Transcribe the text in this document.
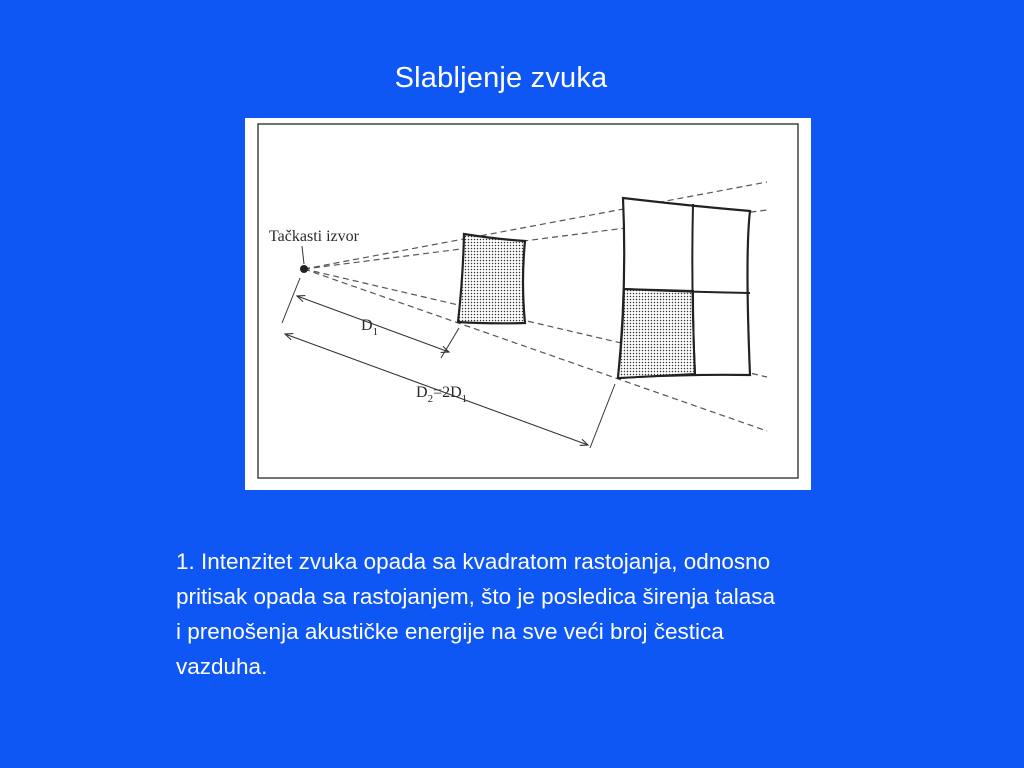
Slabljenje zvuka
Tačkasti izvor
$D_1$
$D_2=2D_1$
1. Intenzitet zvuka opada sa kvadratom rastojanja, odnosno
pritisak opada sa rastojanjem, što je posledica širenja talasa
i prenošenja akustičke energije na sve veći broj čestica
vazduha.
